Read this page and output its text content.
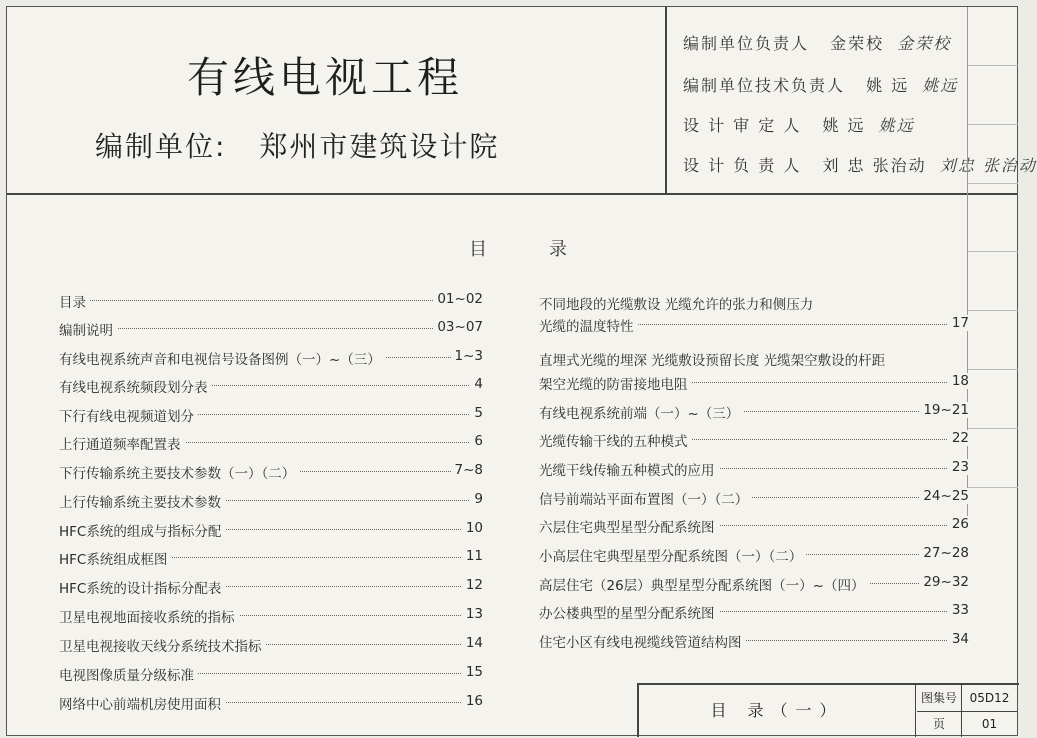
有线电视工程
编制单位: 郑州市建筑设计院
编制单位负责人 金荣校 金荣校
编制单位技术负责人 姚 远 姚远
设 计 审 定 人 姚 远 姚远
设 计 负 责 人 刘 忠 张治动 刘忠 张治动
目	录
目录	01~02
编制说明	03~07
有线电视系统声音和电视信号设备图例（一）~（三）	1~3
有线电视系统频段划分表	4
下行有线电视频道划分	5
上行通道频率配置表	6
下行传输系统主要技术参数（一）（二）	7~8
上行传输系统主要技术参数	9
HFC系统的组成与指标分配	10
HFC系统组成框图	11
HFC系统的设计指标分配表	12
卫星电视地面接收系统的指标	13
卫星电视接收天线分系统技术指标	14
电视图像质量分级标准	15
网络中心前端机房使用面积	16
不同地段的光缆敷设 光缆允许的张力和侧压力
光缆的温度特性	17
直埋式光缆的埋深 光缆敷设预留长度 光缆架空敷设的杆距
架空光缆的防雷接地电阻	18
有线电视系统前端（一）~（三）	19~21
光缆传输干线的五种模式	22
光缆干线传输五种模式的应用	23
信号前端站平面布置图（一）（二）	24~25
六层住宅典型星型分配系统图	26
小高层住宅典型星型分配系统图（一）（二）	27~28
高层住宅（26层）典型星型分配系统图（一）~（四）	29~32
办公楼典型的星型分配系统图	33
住宅小区有线电视缆线管道结构图	34
目 录（一）
图集号	05D12
页	01
